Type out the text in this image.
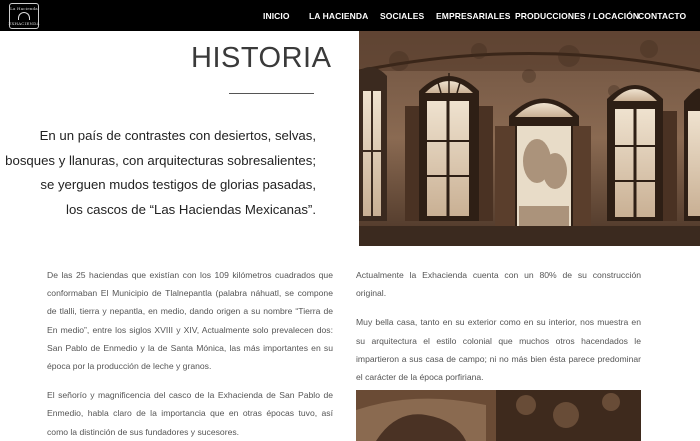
La Hacienda
EXHACIENDA
INICIO LA HACIENDA SOCIALES EMPRESARIALES PRODUCCIONES / LOCACIÓN
CONTACTO
HISTORIA
En un país de contrastes con desiertos, selvas,
bosques y llanuras, con arquitecturas sobresalientes;
se yerguen mudos testigos de glorias pasadas,
los cascos de “Las Haciendas Mexicanas”.

De las 25 haciendas que existían con los 109 kilómetros cuadrados que conformaban El Municipio de Tlalnepantla (palabra náhuatl, se compone de tlalli, tierra y nepantla, en medio, dando origen a su nombre “Tierra de En medio”, entre los siglos XVIII y XIV, Actualmente solo prevalecen dos: San Pablo de Enmedio y la de Santa Mónica, las más importantes en su época por la producción de leche y granos.

El señorío y magnificencia del casco de la Exhacienda de San Pablo de Enmedio, habla claro de la importancia que en otras épocas tuvo, así como la distinción de sus fundadores y sucesores.

Actualmente la Exhacienda cuenta con un 80% de su construcción original.

Muy bella casa, tanto en su exterior como en su interior, nos muestra en su arquitectura el estilo colonial que muchos otros hacendados le impartieron a sus casa de campo; ni no más bien ésta parece predominar el carácter de la época porfiriana.
